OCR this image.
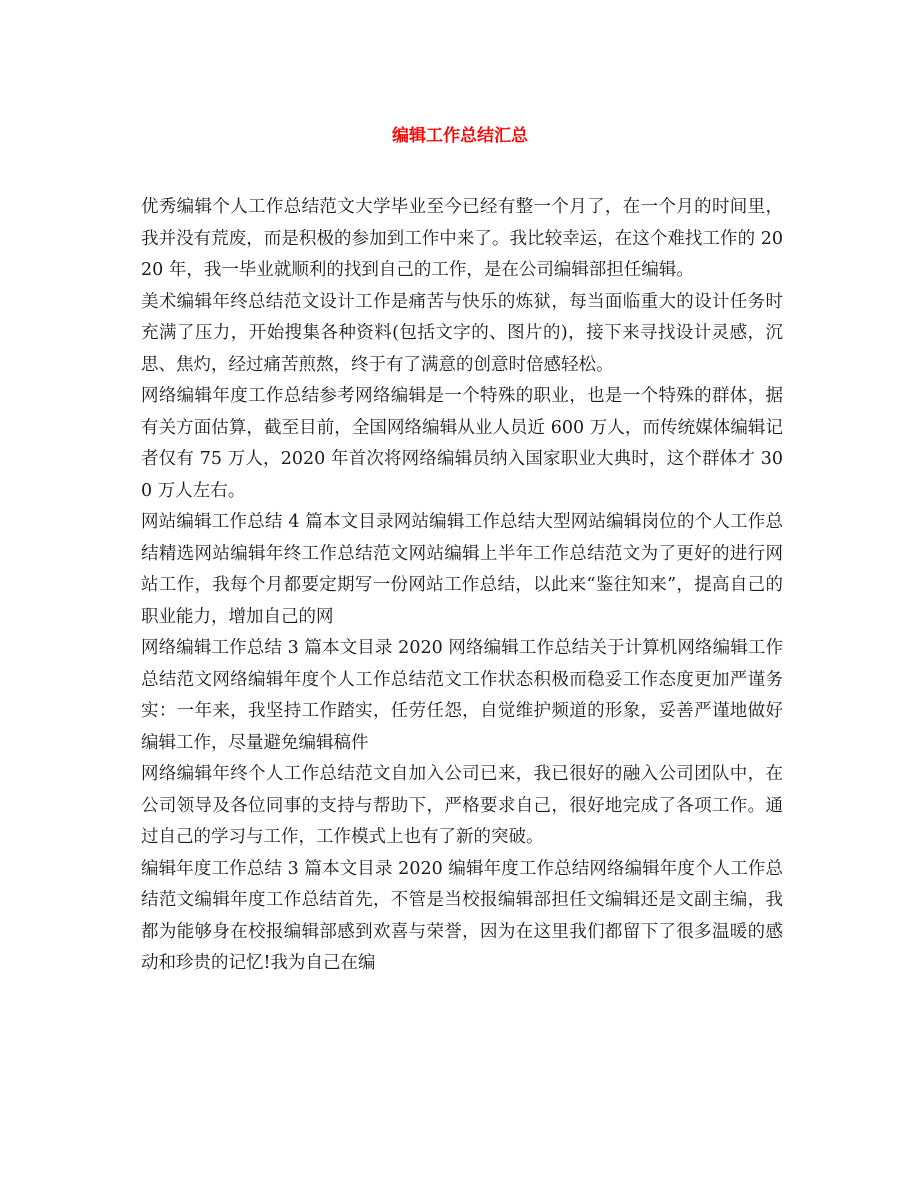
编辑工作总结汇总

优秀编辑个人工作总结范文大学毕业至今已经有整一个月了，在一个月的时间里，我并没有荒废，而是积极的参加到工作中来了。我比较幸运，在这个难找工作的 2020 年，我一毕业就顺利的找到自己的工作，是在公司编辑部担任编辑。

美术编辑年终总结范文设计工作是痛苦与快乐的炼狱，每当面临重大的设计任务时充满了压力，开始搜集各种资料(包括文字的、图片的)，接下来寻找设计灵感，沉思、焦灼，经过痛苦煎熬，终于有了满意的创意时倍感轻松。

网络编辑年度工作总结参考网络编辑是一个特殊的职业，也是一个特殊的群体，据有关方面估算，截至目前，全国网络编辑从业人员近 600 万人，而传统媒体编辑记者仅有 75 万人，2020 年首次将网络编辑员纳入国家职业大典时，这个群体才 300 万人左右。

网站编辑工作总结 4 篇本文目录网站编辑工作总结大型网站编辑岗位的个人工作总结精选网站编辑年终工作总结范文网站编辑上半年工作总结范文为了更好的进行网站工作，我每个月都要定期写一份网站工作总结，以此来“鉴往知来”，提高自己的职业能力，增加自己的网

网络编辑工作总结 3 篇本文目录 2020 网络编辑工作总结关于计算机网络编辑工作总结范文网络编辑年度个人工作总结范文工作状态积极而稳妥工作态度更加严谨务实：一年来，我坚持工作踏实，任劳任怨，自觉维护频道的形象，妥善严谨地做好编辑工作，尽量避免编辑稿件

网络编辑年终个人工作总结范文自加入公司已来，我已很好的融入公司团队中，在公司领导及各位同事的支持与帮助下，严格要求自己，很好地完成了各项工作。通过自己的学习与工作，工作模式上也有了新的突破。

编辑年度工作总结 3 篇本文目录 2020 编辑年度工作总结网络编辑年度个人工作总结范文编辑年度工作总结首先，不管是当校报编辑部担任文编辑还是文副主编，我都为能够身在校报编辑部感到欢喜与荣誉，因为在这里我们都留下了很多温暖的感动和珍贵的记忆!我为自己在编
